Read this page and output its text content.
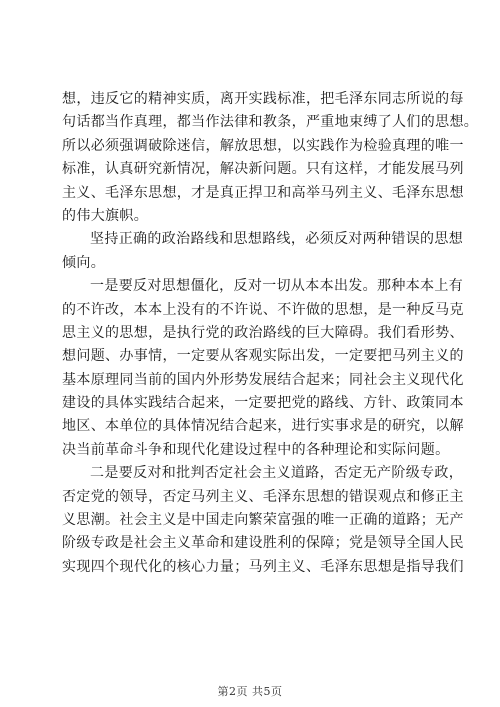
想，违反它的精神实质，离开实践标准，把毛泽东同志所说的每
句话都当作真理，都当作法律和教条，严重地束缚了人们的思想。
所以必须强调破除迷信，解放思想，以实践作为检验真理的唯一
标准，认真研究新情况，解决新问题。只有这样，才能发展马列
主义、毛泽东思想，才是真正捍卫和高举马列主义、毛泽东思想
的伟大旗帜。
坚持正确的政治路线和思想路线，必须反对两种错误的思想
倾向。
一是要反对思想僵化，反对一切从本本出发。那种本本上有
的不许改，本本上没有的不许说、不许做的思想，是一种反马克
思主义的思想，是执行党的政治路线的巨大障碍。我们看形势、
想问题、办事情，一定要从客观实际出发，一定要把马列主义的
基本原理同当前的国内外形势发展结合起来；同社会主义现代化
建设的具体实践结合起来，一定要把党的路线、方针、政策同本
地区、本单位的具体情况结合起来，进行实事求是的研究，以解
决当前革命斗争和现代化建设过程中的各种理论和实际问题。
二是要反对和批判否定社会主义道路，否定无产阶级专政，
否定党的领导，否定马列主义、毛泽东思想的错误观点和修正主
义思潮。社会主义是中国走向繁荣富强的唯一正确的道路；无产
阶级专政是社会主义革命和建设胜利的保障；党是领导全国人民
实现四个现代化的核心力量；马列主义、毛泽东思想是指导我们
第2页 共5页
